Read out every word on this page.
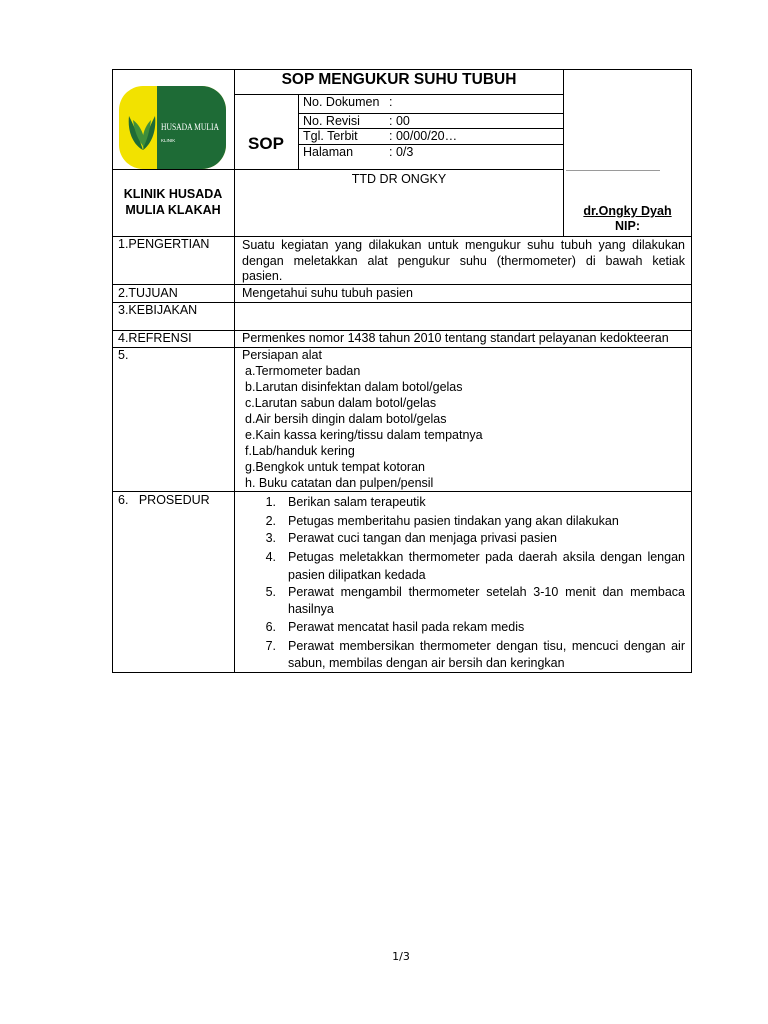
HUSADA MULIA
KLINIK
SOP MENGUKUR SUHU TUBUH
SOP
No. Dokumen :
No. Revisi : 00
Tgl. Terbit	: 00/00/20…
Halaman	: 0/3
KLINIK HUSADA
MULIA KLAKAH
TTD DR ONGKY
dr.Ongky Dyah
NIP:
1.PENGERTIAN	Suatu kegiatan yang dilakukan untuk mengukur suhu tubuh yang dilakukan
dengan meletakkan alat pengukur suhu (thermometer) di bawah ketiak
pasien.
2.TUJUAN	Mengetahui suhu tubuh pasien
3.KEBIJAKAN
4.REFRENSI	Permenkes nomor 1438 tahun 2010 tentang standart pelayanan kedokteeran
5.	Persiapan alat
a.Termometer badan
b.Larutan disinfektan dalam botol/gelas
c.Larutan sabun dalam botol/gelas
d.Air bersih dingin dalam botol/gelas
e.Kain kassa kering/tissu dalam tempatnya
f.Lab/handuk kering
g.Bengkok untuk tempat kotoran
h. Buku catatan dan pulpen/pensil
6.   PROSEDUR	1. Berikan salam terapeutik
2. Petugas memberitahu pasien tindakan yang akan dilakukan
3. Perawat cuci tangan dan menjaga privasi pasien
4. Petugas meletakkan thermometer pada daerah aksila dengan lengan
pasien dilipatkan kedada
5. Perawat mengambil thermometer setelah 3-10 menit dan membaca
hasilnya
6. Perawat mencatat hasil pada rekam medis
7. Perawat membersikan thermometer dengan tisu, mencuci dengan air
sabun, membilas dengan air bersih dan keringkan
1/3
